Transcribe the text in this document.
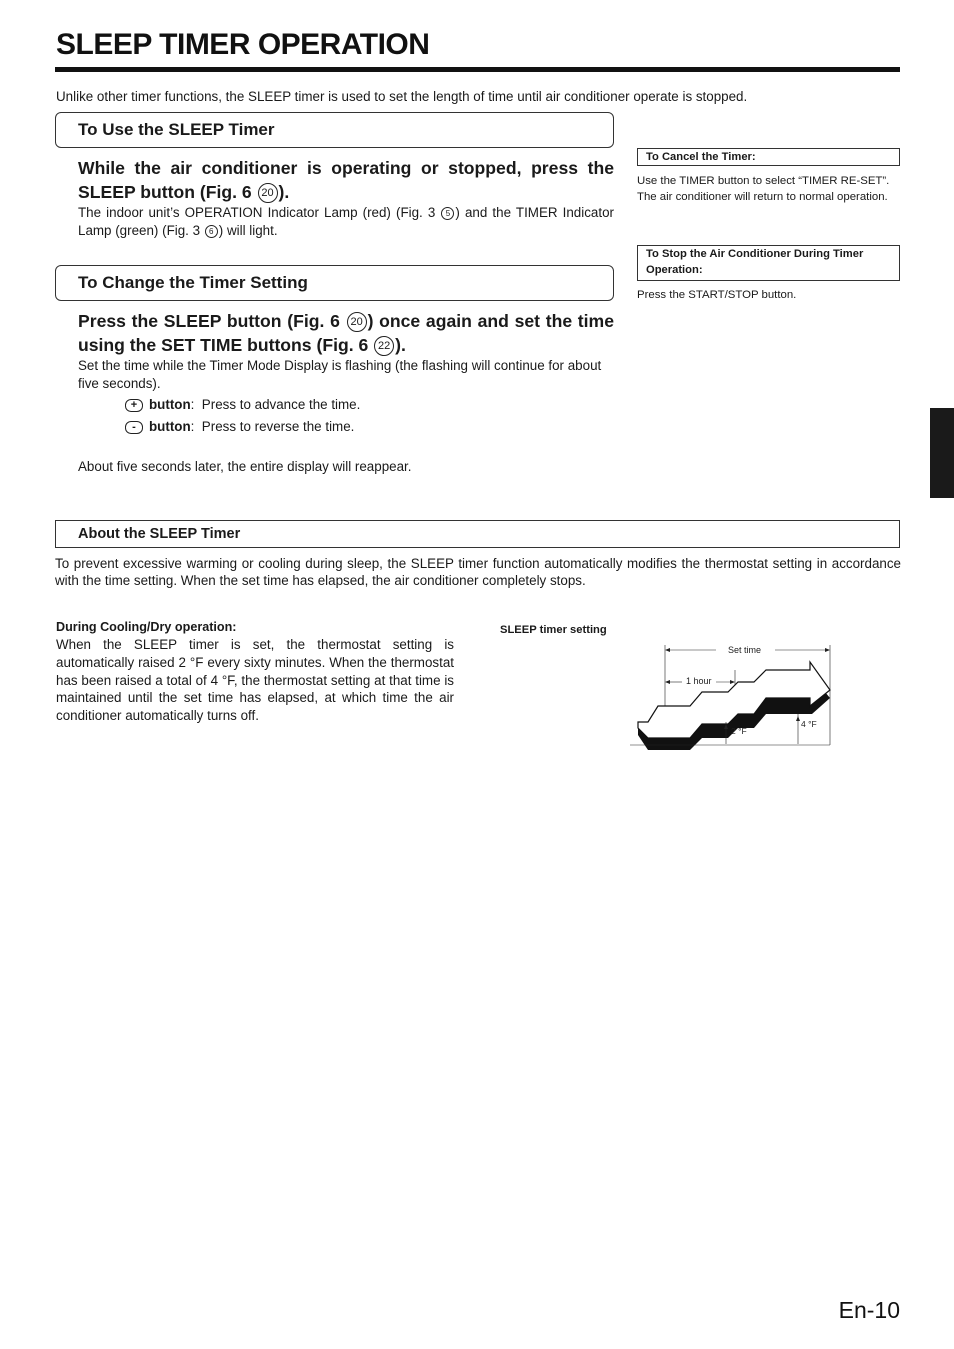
SLEEP TIMER OPERATION
Unlike other timer functions, the SLEEP timer is used to set the length of time until air conditioner operate is stopped.
To Use the SLEEP Timer
While the air conditioner is operating or stopped, press the SLEEP button (Fig. 6 20 ).
The indoor unit’s OPERATION Indicator Lamp (red) (Fig. 3 5 ) and the TIMER Indicator Lamp (green) (Fig. 3 6 ) will light.
To Change the Timer Setting
Press the SLEEP button (Fig. 6 20 ) once again and set the time using the SET TIME buttons (Fig. 6 22 ).
Set the time while the Timer Mode Display is flashing (the flashing will continue for about five seconds).
+ button :  Press to advance the time.
- button :  Press to reverse the time.
About five seconds later, the entire display will reappear.
To Cancel the Timer:
Use the TIMER button to select “TIMER RE-SET”.
The air conditioner will return to normal operation.
To Stop the Air Conditioner During Timer Operation:
Press the START/STOP button.
About the SLEEP Timer
To prevent excessive warming or cooling during sleep, the SLEEP timer function automatically modifies the thermostat setting in accordance with the time setting. When the set time has elapsed, the air conditioner completely stops.
During Cooling/Dry operation:
When the SLEEP timer is set, the thermostat setting is automatically raised 2 °F every sixty minutes. When the thermostat has been raised a total of 4 °F, the thermostat setting at that time is maintained until the set time has elapsed, at which time the air conditioner automatically turns off.
SLEEP timer setting
Set time
1 hour
2 °F
4 °F
En-10
